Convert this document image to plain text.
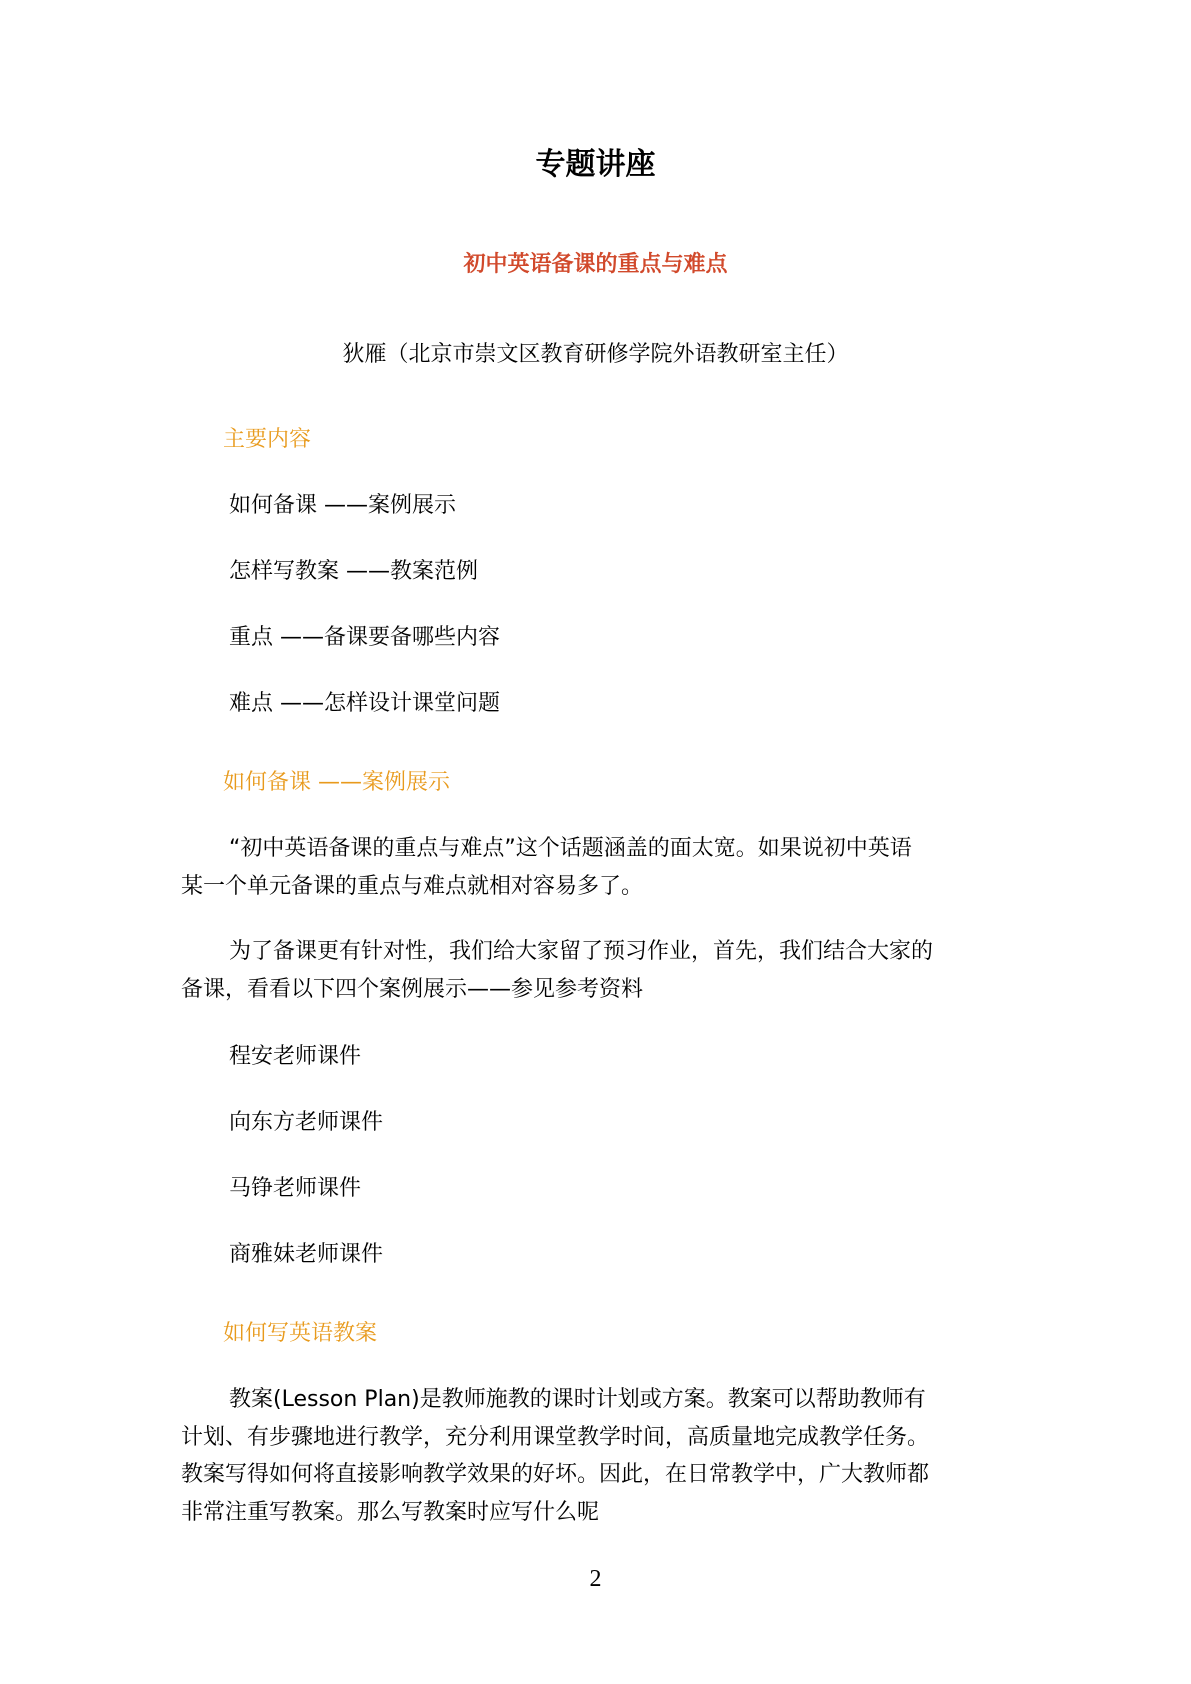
专题讲座
初中英语备课的重点与难点

狄雁（北京市崇文区教育研修学院外语教研室主任）

主要内容

如何备课 ——案例展示

怎样写教案 ——教案范例

重点 ——备课要备哪些内容

难点 ——怎样设计课堂问题

如何备课 ——案例展示

“初中英语备课的重点与难点”这个话题涵盖的面太宽。如果说初中英语
某一个单元备课的重点与难点就相对容易多了。
为了备课更有针对性，我们给大家留了预习作业，首先，我们结合大家的
备课，看看以下四个案例展示——参见参考资料

程安老师课件

向东方老师课件

马铮老师课件

商雅妹老师课件

如何写英语教案

教案(Lesson Plan)是教师施教的课时计划或方案。教案可以帮助教师有
计划、有步骤地进行教学，充分利用课堂教学时间，高质量地完成教学任务。
教案写得如何将直接影响教学效果的好坏。因此，在日常教学中，广大教师都
非常注重写教案。那么写教案时应写什么呢

2
